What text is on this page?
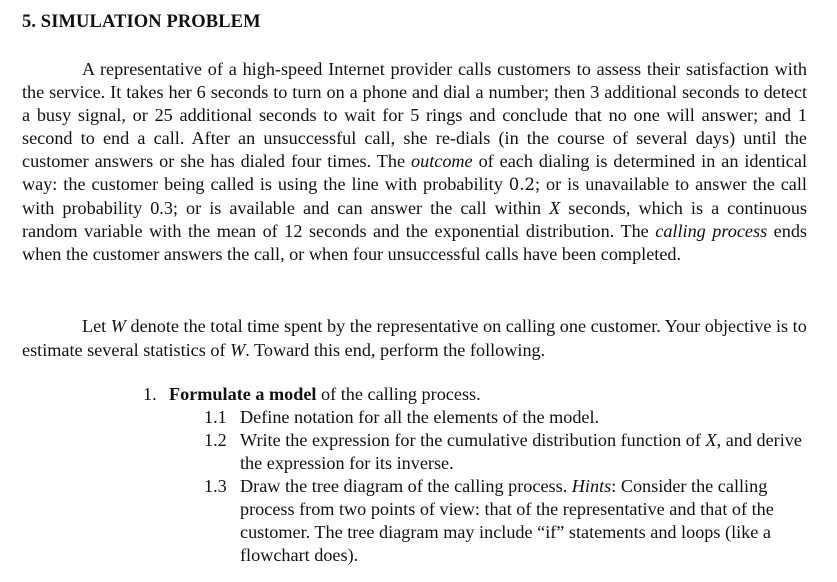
5. SIMULATION PROBLEM

A representative of a high-speed Internet provider calls customers to assess their satisfaction with the service. It takes her 6 seconds to turn on a phone and dial a number; then 3 additional seconds to detect a busy signal, or 25 additional seconds to wait for 5 rings and conclude that no one will answer; and 1 second to end a call. After an unsuccessful call, she re-dials (in the course of several days) until the customer answers or she has dialed four times. The outcome of each dialing is determined in an identical way: the customer being called is using the line with probability 0.2; or is unavailable to answer the call with probability 0.3; or is available and can answer the call within X seconds, which is a continuous random variable with the mean of 12 seconds and the exponential distribution. The calling process ends when the customer answers the call, or when four unsuccessful calls have been completed.

Let W denote the total time spent by the representative on calling one customer. Your objective is to estimate several statistics of W. Toward this end, perform the following.

1. Formulate a model of the calling process.
1.1 Define notation for all the elements of the model.
1.2 Write the expression for the cumulative distribution function of X, and derive the expression for its inverse.
1.3 Draw the tree diagram of the calling process. Hints: Consider the calling process from two points of view: that of the representative and that of the customer. The tree diagram may include “if” statements and loops (like a flowchart does).
